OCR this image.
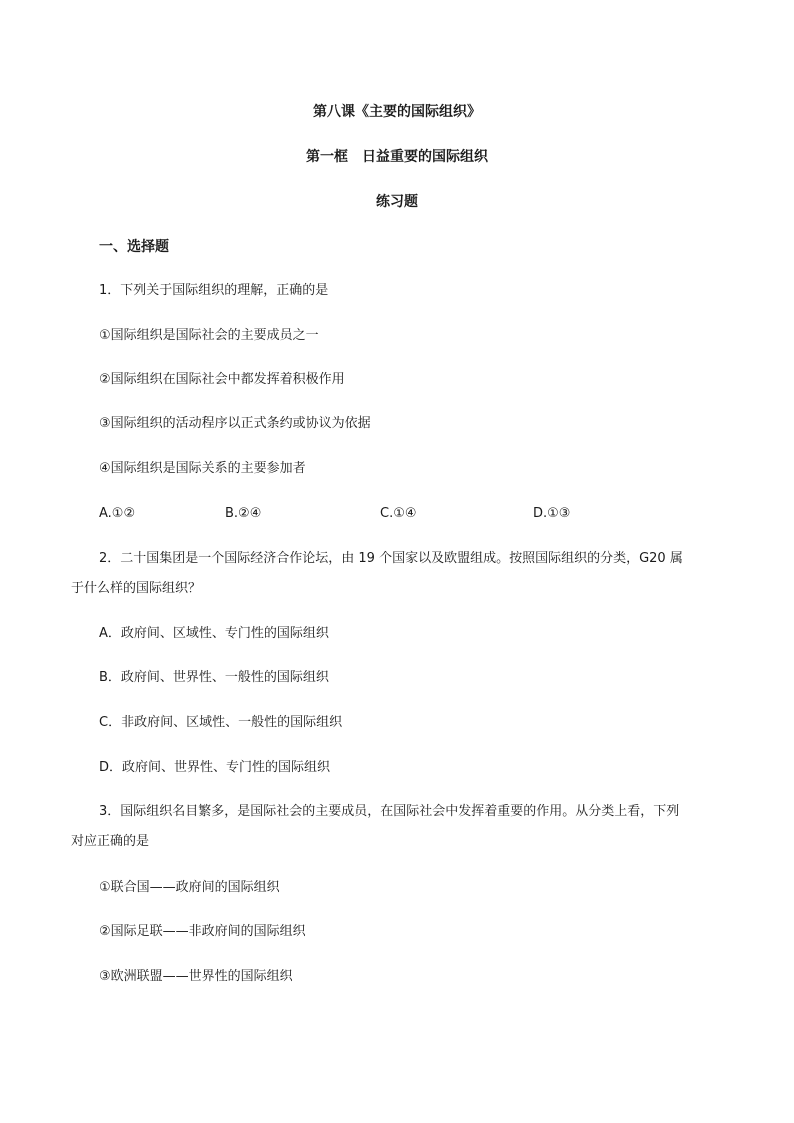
第八课《主要的国际组织》
第一框　日益重要的国际组织
练习题
一、选择题
1．下列关于国际组织的理解，正确的是
①国际组织是国际社会的主要成员之一
②国际组织在国际社会中都发挥着积极作用
③国际组织的活动程序以正式条约或协议为依据
④国际组织是国际关系的主要参加者
A.①②	B.②④	C.①④	D.①③
2．二十国集团是一个国际经济合作论坛，由 19 个国家以及欧盟组成。按照国际组织的分类，G20 属
于什么样的国际组织？
A．政府间、区域性、专门性的国际组织
B．政府间、世界性、一般性的国际组织
C．非政府间、区域性、一般性的国际组织
D．政府间、世界性、专门性的国际组织
3．国际组织名目繁多，是国际社会的主要成员，在国际社会中发挥着重要的作用。从分类上看，下列
对应正确的是
①联合国——政府间的国际组织
②国际足联——非政府间的国际组织
③欧洲联盟——世界性的国际组织
